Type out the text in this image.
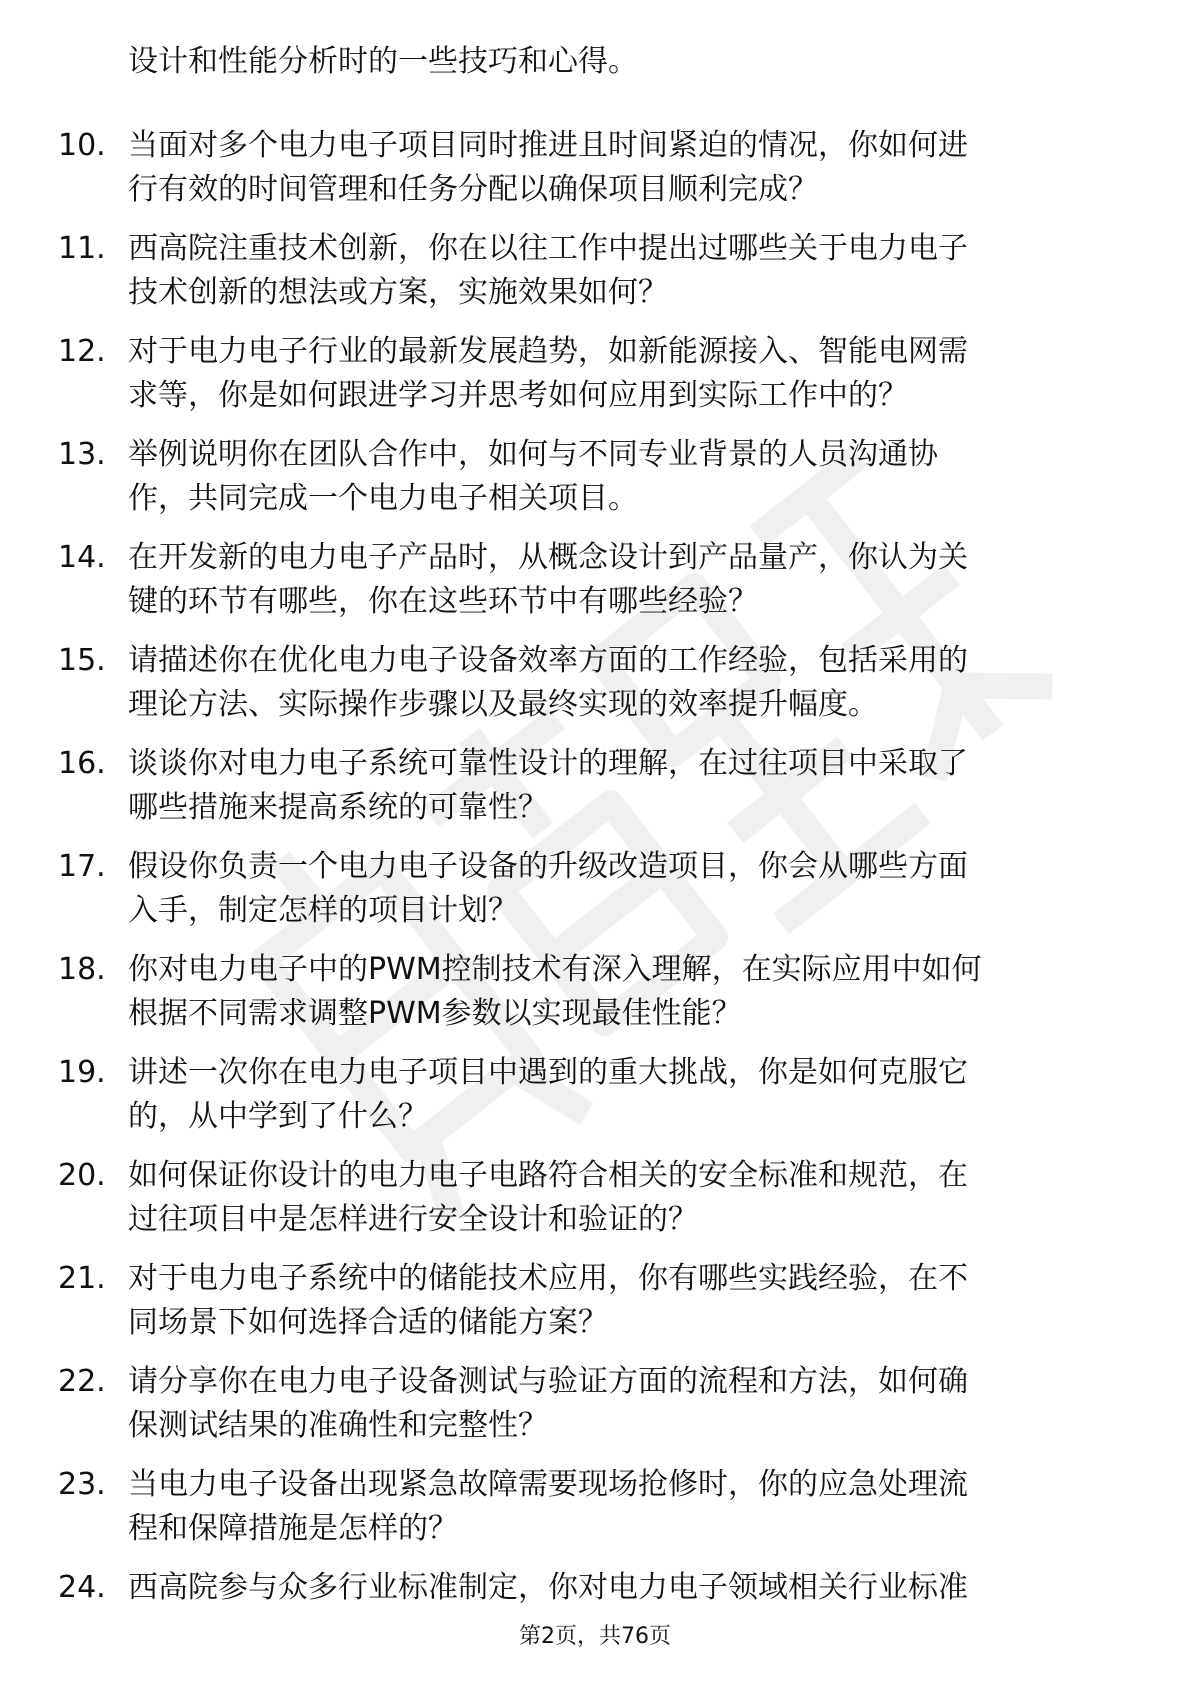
设计和性能分析时的一些技巧和心得。
10. 当面对多个电力电子项目同时推进且时间紧迫的情况，你如何进
行有效的时间管理和任务分配以确保项目顺利完成？
11. 西高院注重技术创新，你在以往工作中提出过哪些关于电力电子
技术创新的想法或方案，实施效果如何？
12. 对于电力电子行业的最新发展趋势，如新能源接入、智能电网需
求等，你是如何跟进学习并思考如何应用到实际工作中的？
13. 举例说明你在团队合作中，如何与不同专业背景的人员沟通协
作，共同完成一个电力电子相关项目。
14. 在开发新的电力电子产品时，从概念设计到产品量产，你认为关
键的环节有哪些，你在这些环节中有哪些经验？
15. 请描述你在优化电力电子设备效率方面的工作经验，包括采用的
理论方法、实际操作步骤以及最终实现的效率提升幅度。
16. 谈谈你对电力电子系统可靠性设计的理解，在过往项目中采取了
哪些措施来提高系统的可靠性？
17. 假设你负责一个电力电子设备的升级改造项目，你会从哪些方面
入手，制定怎样的项目计划？
18. 你对电力电子中的PWM控制技术有深入理解，在实际应用中如何
根据不同需求调整PWM参数以实现最佳性能？
19. 讲述一次你在电力电子项目中遇到的重大挑战，你是如何克服它
的，从中学到了什么？
20. 如何保证你设计的电力电子电路符合相关的安全标准和规范，在
过往项目中是怎样进行安全设计和验证的？
21. 对于电力电子系统中的储能技术应用，你有哪些实践经验，在不
同场景下如何选择合适的储能方案？
22. 请分享你在电力电子设备测试与验证方面的流程和方法，如何确
保测试结果的准确性和完整性？
23. 当电力电子设备出现紧急故障需要现场抢修时，你的应急处理流
程和保障措施是怎样的？
24. 西高院参与众多行业标准制定，你对电力电子领域相关行业标准
第2页，共76页
